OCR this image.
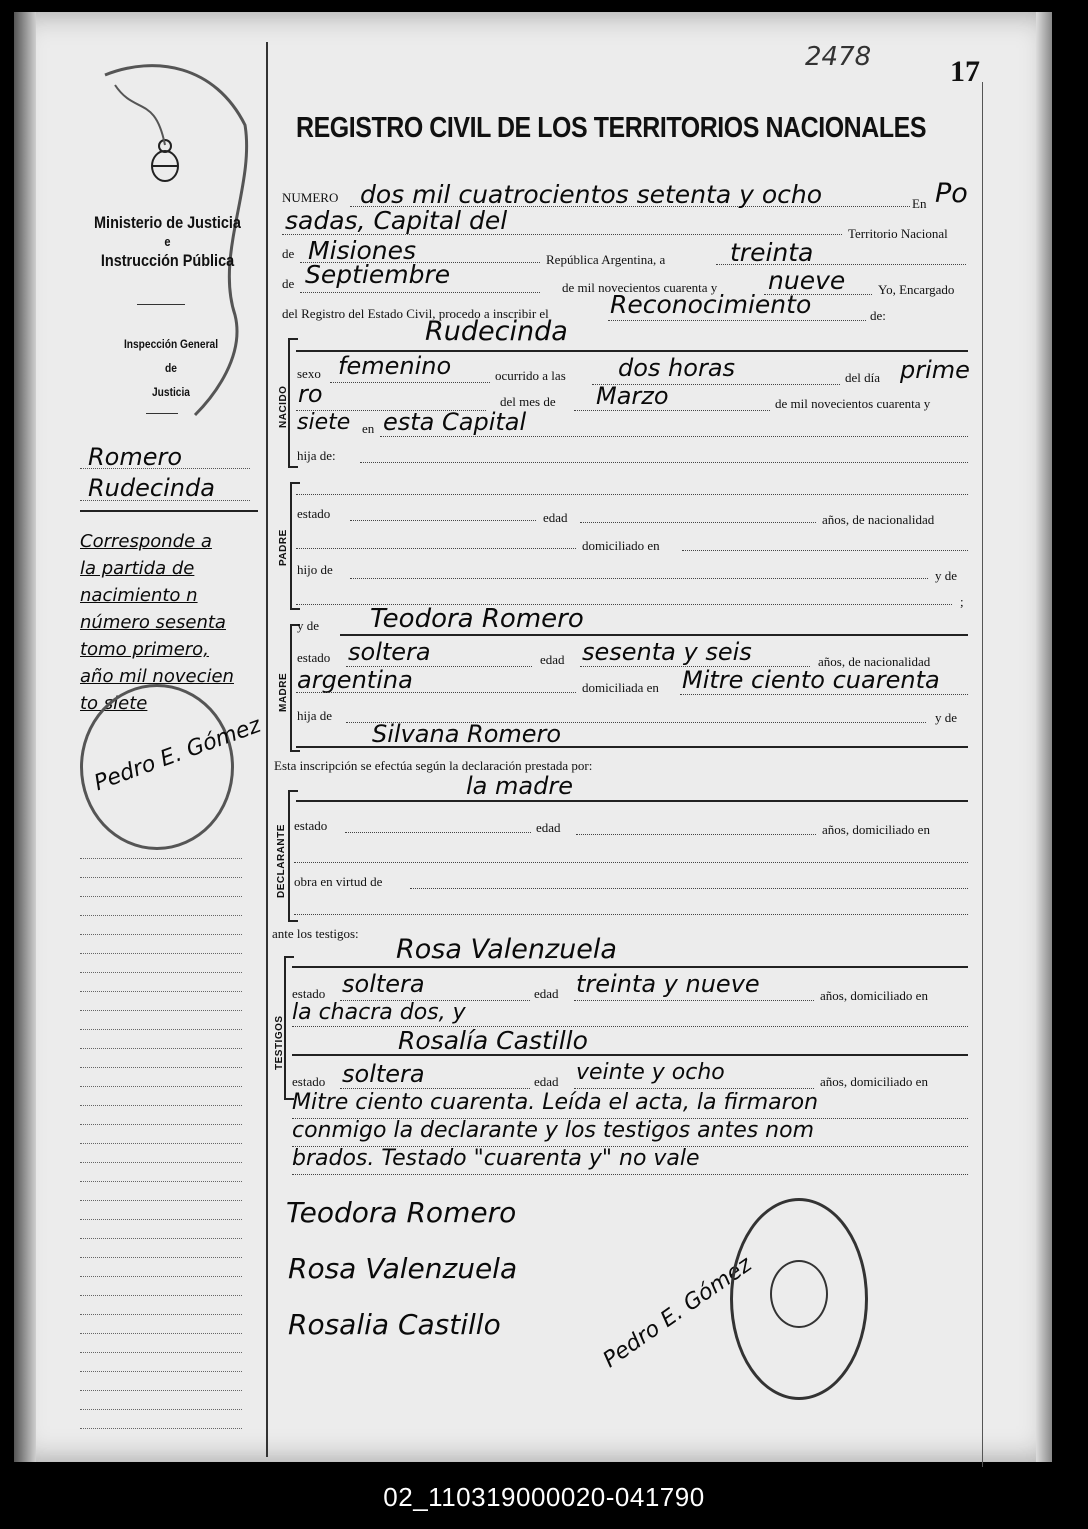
2478	17
REGISTRO CIVIL DE LOS TERRITORIOS NACIONALES
Ministerio de Justicia
e
Instrucción Pública
Inspección General
de
Justicia
Romero
Rudecinda
Corresponde a
la partida de
nacimiento n
número sesenta
tomo primero,
año mil novecien
to siete
Pedro E. Gómez
NUMERO dos mil cuatrocientos setenta y ocho	En Po
sadas, Capital del	Territorio Nacional
de Misiones	República Argentina, a	treinta
de Septiembre	de mil novecientos cuarenta y nueve	Yo, Encargado
del Registro del Estado Civil, procedo a inscribir el Reconocimiento	de:
Rudecinda
NACIDO
sexo femenino	ocurrido a las dos horas	del día prime
ro	del mes de Marzo	de mil novecientos cuarenta y
siete en esta Capital
hija de:
PADRE
estado	edad	años, de nacionalidad
domiciliado en
hijo de	y de
;
MADRE
y de Teodora Romero
estado soltera	edad sesenta y seis	años, de nacionalidad
argentina	domiciliada en Mitre ciento cuarenta
hija de	y de
Silvana Romero
Esta inscripción se efectúa según la declaración prestada por:
la madre
DECLARANTE estado	edad	años, domiciliado en
obra en virtud de
ante los testigos:
Rosa Valenzuela
TESTIGOS
estado soltera	edad treinta y nueve	años, domiciliado en
la chacra dos, y
Rosalía Castillo
estado soltera	edad veinte y ocho	años, domiciliado en
Mitre ciento cuarenta. Leída el acta, la firmaron
conmigo la declarante y los testigos antes nom
brados. Testado "cuarenta y" no vale
Teodora Romero
Rosa Valenzuela
Rosalia Castillo	Pedro E. Gómez
02_110319000020-041790
